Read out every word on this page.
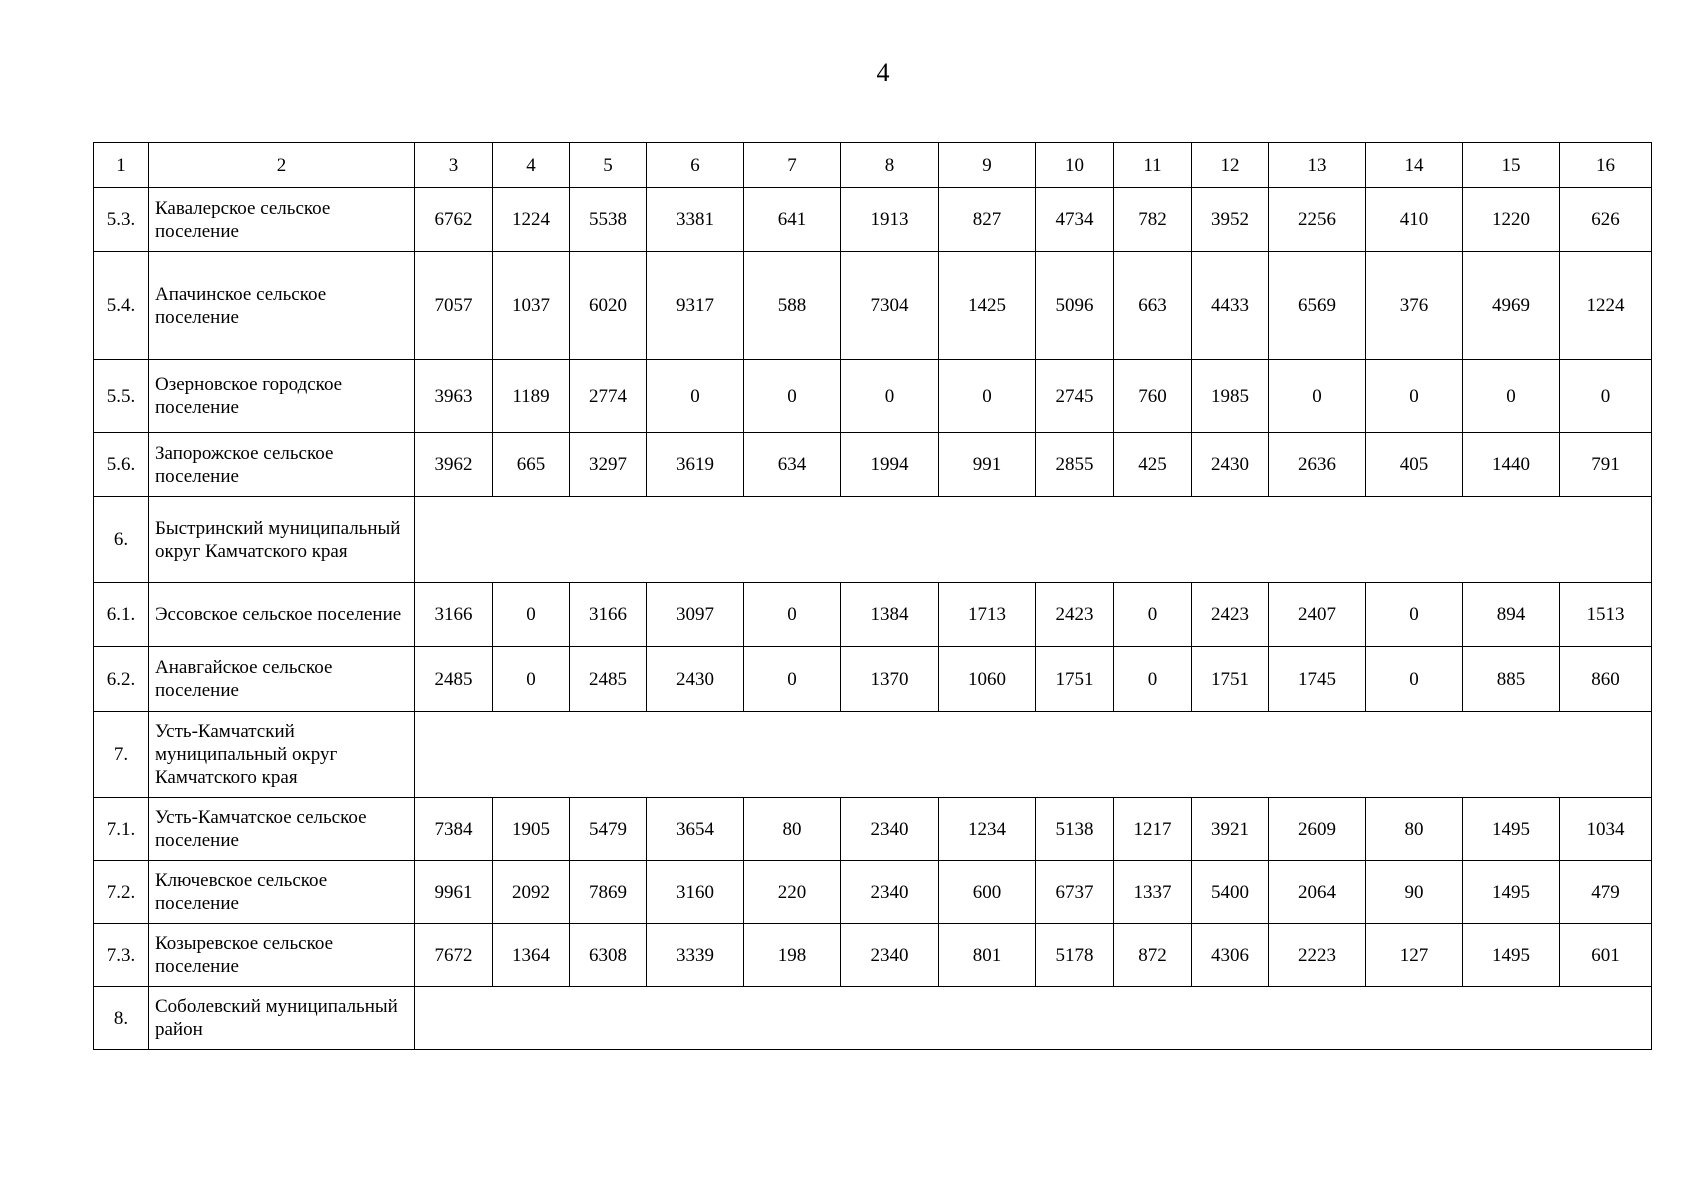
4
1	2	3	4	5	6	7	8	9	10	11	12	13	14	15	16
5.3.	Кавалерское сельское поселение	6762	1224	5538	3381	641	1913	827	4734	782	3952	2256	410	1220	626
5.4.	Апачинское сельское поселение	7057	1037	6020	9317	588	7304	1425	5096	663	4433	6569	376	4969	1224
5.5.	Озерновское городское поселение	3963	1189	2774	0	0	0	0	2745	760	1985	0	0	0	0
5.6.	Запорожское сельское поселение	3962	665	3297	3619	634	1994	991	2855	425	2430	2636	405	1440	791
6.	Быстринский муниципальный округ Камчатского края														
6.1.	Эссовское сельское поселение	3166	0	3166	3097	0	1384	1713	2423	0	2423	2407	0	894	1513
6.2.	Анавгайское сельское поселение	2485	0	2485	2430	0	1370	1060	1751	0	1751	1745	0	885	860
7.	Усть-Камчатский муниципальный округ Камчатского края														
7.1.	Усть-Камчатское сельское поселение	7384	1905	5479	3654	80	2340	1234	5138	1217	3921	2609	80	1495	1034
7.2.	Ключевское сельское поселение	9961	2092	7869	3160	220	2340	600	6737	1337	5400	2064	90	1495	479
7.3.	Козыревское сельское поселение	7672	1364	6308	3339	198	2340	801	5178	872	4306	2223	127	1495	601
8.	Соболевский муниципальный район														
